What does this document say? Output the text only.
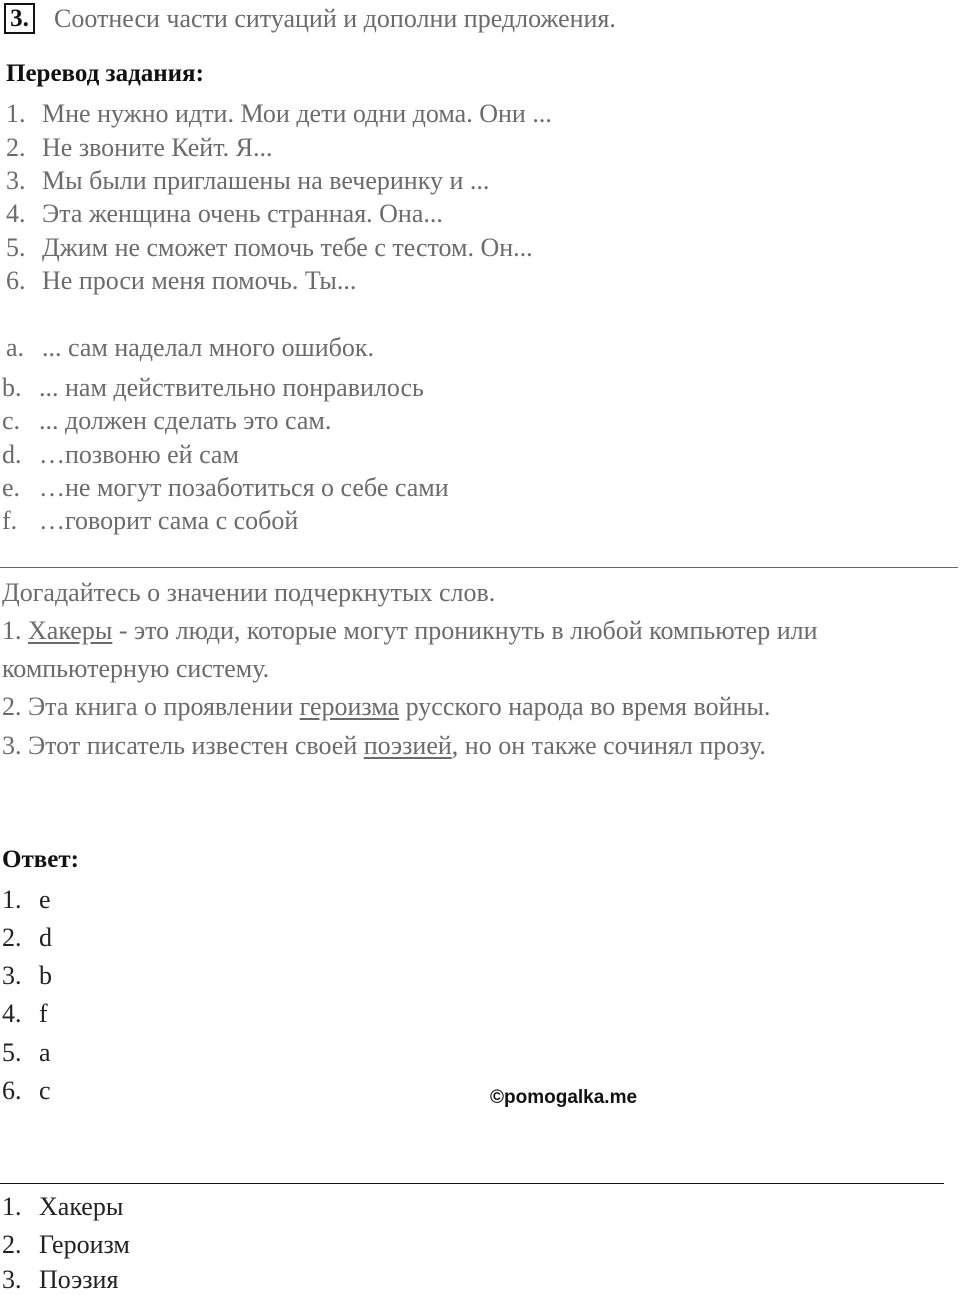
3. Соотнеси части ситуаций и дополни предложения.
Перевод задания:
1. Мне нужно идти. Мои дети одни дома. Они ...
2. Не звоните Кейт. Я...
3. Мы были приглашены на вечеринку и ...
4. Эта женщина очень странная. Она...
5. Джим не сможет помочь тебе с тестом. Он...
6. Не проси меня помочь. Ты...
a. ... сам наделал много ошибок.
b. ... нам действительно понравилось
c. ... должен сделать это сам.
d. …позвоню ей сам
e. …не могут позаботиться о себе сами
f. …говорит сама с собой
Догадайтесь о значении подчеркнутых слов.
1. Хакеры - это люди, которые могут проникнуть в любой компьютер или
компьютерную систему.
2. Эта книга о проявлении героизма русского народа во время войны.
3. Этот писатель известен своей поэзией, но он также сочинял прозу.
Ответ:
1. e
2. d
3. b
4. f
5. a
6. c	©pomogalka.me
1. Хакеры
2. Героизм
3. Поэзия
